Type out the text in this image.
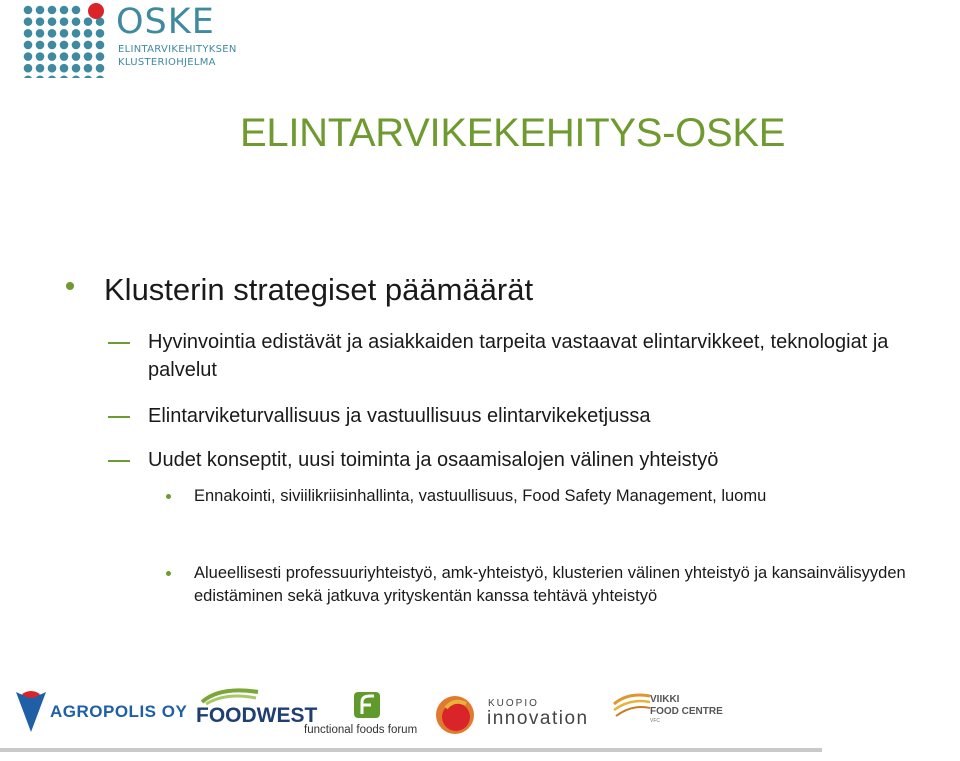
OSKE
ELINTARVIKEHITYKSEN
KLUSTERIOHJELMA
ELINTARVIKEKEHITYS-OSKE
Klusterin strategiset päämäärät
Hyvinvointia edistävät ja asiakkaiden tarpeita vastaavat elintarvikkeet, teknologiat ja palvelut
Elintarviketurvallisuus ja vastuullisuus elintarvikeketjussa
Uudet konseptit, uusi toiminta ja osaamisalojen välinen yhteistyö
Ennakointi, siviilikriisinhallinta, vastuullisuus, Food Safety Management, luomu
Alueellisesti professuuriyhteistyö, amk-yhteistyö, klusterien välinen yhteistyö ja kansainvälisyyden edistäminen sekä jatkuva yrityskentän kanssa tehtävä yhteistyö
AGROPOLIS OY FOODWEST
functional foods forum
KUOPIO
innovation
VIIKKI
FOOD CENTRE
VFC
